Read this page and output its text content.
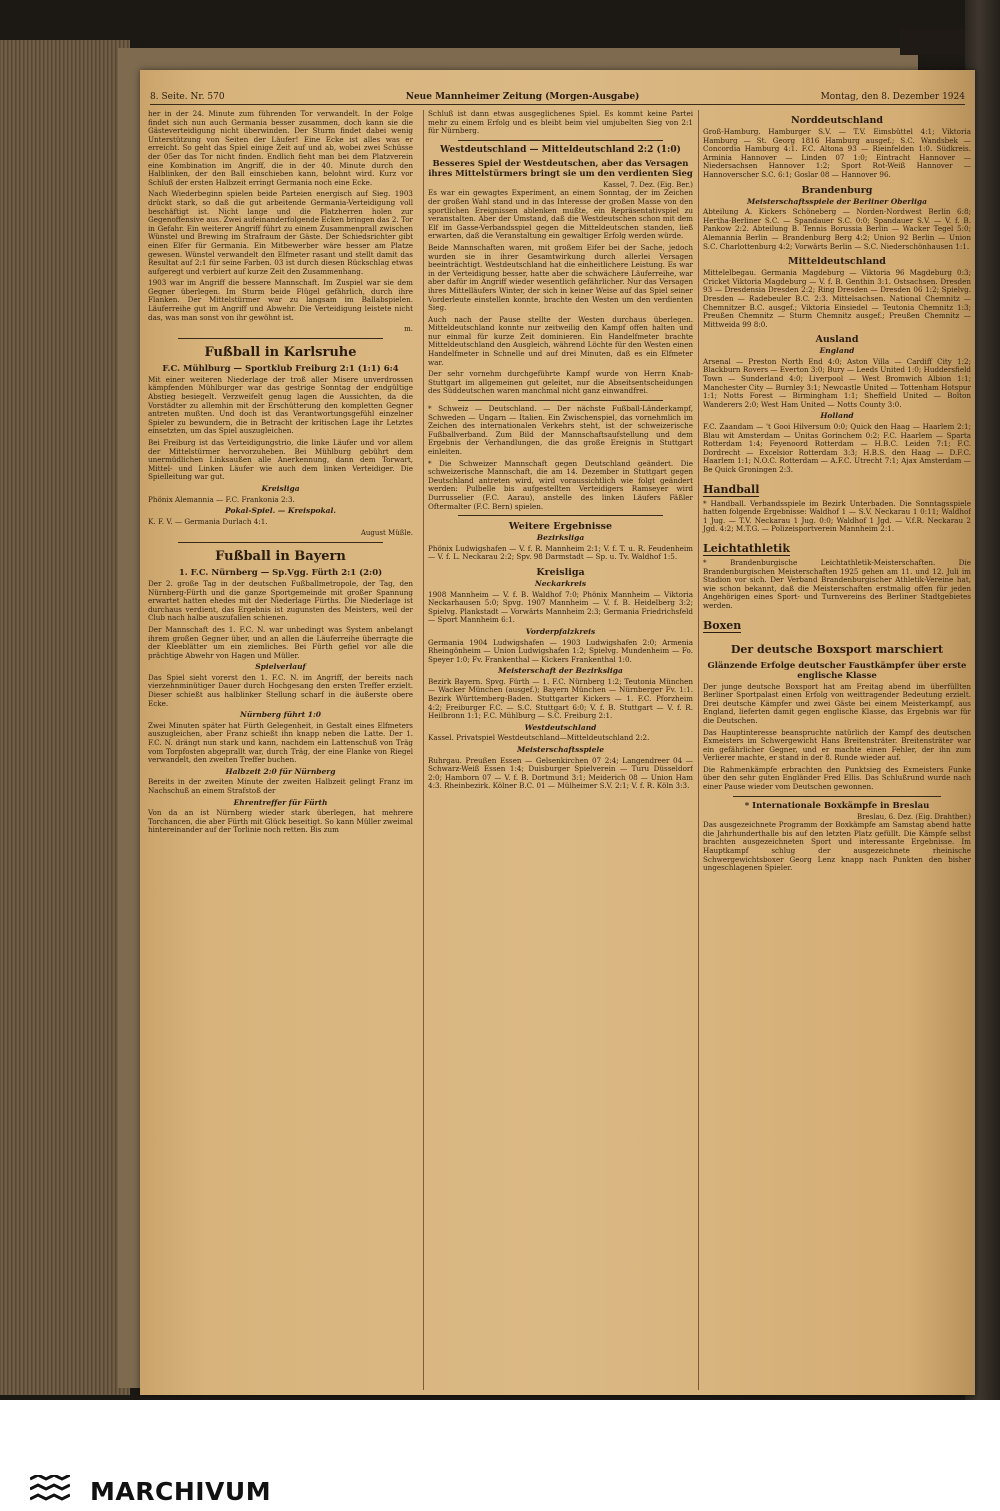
8. Seite. Nr. 570	Neue Mannheimer Zeitung (Morgen-Ausgabe)	Montag, den 8. Dezember 1924

her in der 24. Minute zum führenden Tor verwandelt. In der Folge findet sich nun auch Germania besser zusammen, doch kann sie die Gästeverteidigung nicht überwinden. Der Sturm findet dabei wenig Unterstützung von Seiten der Läufer! Eine Ecke ist alles was er erreicht. So geht das Spiel einige Zeit auf und ab, wobei zwei Schüsse der 05er das Tor nicht finden. Endlich fieht man bei dem Platzverein eine Kombination im Angriff, die in der 40. Minute durch den Halblinken, der den Ball einschieben kann, belohnt wird. Kurz vor Schluß der ersten Halbzeit erringt Germania noch eine Ecke.

Nach Wiederbeginn spielen beide Parteien energisch auf Sieg. 1903 drückt stark, so daß die gut arbeitende Germania-Verteidigung voll beschäftigt ist. Nicht lange und die Platzherren holen zur Gegenoffensive aus. Zwei aufeinanderfolgende Ecken bringen das 2. Tor in Gefahr. Ein weiterer Angriff führt zu einem Zusammenprall zwischen Wünstel und Brewing im Strafraum der Gäste. Der Schiedsrichter gibt einen Elfer für Germania. Ein Mitbewerber wäre besser am Platze gewesen. Wünstel verwandelt den Elfmeter rasant und stellt damit das Resultat auf 2:1 für seine Farben. 03 ist durch diesen Rückschlag etwas aufgeregt und verbiert auf kurze Zeit den Zusammenhang.

1903 war im Angriff die bessere Mannschaft. Im Zuspiel war sie dem Gegner überlegen. Im Sturm beide Flügel gefährlich, durch ihre Flanken. Der Mittelstürmer war zu langsam im Ballabspielen. Läuferreihe gut im Angriff und Abwehr. Die Verteidigung leistete nicht das, was man sonst von ihr gewöhnt ist.

m.
Fußball in Karlsruhe
F.C. Mühlburg — Sportklub Freiburg 2:1 (1:1) 6:4

Mit einer weiteren Niederlage der troß aller Misere unverdrossen kämpfenden Mühlburger war das gestrige Sonntag der endgültige Abstieg besiegelt. Verzweifelt genug lagen die Aussichten, da die Vorstädter zu allemhin mit der Erschütterung den kompletten Gegner antreten mußten. Und doch ist das Verantwortungsgefühl einzelner Spieler zu bewundern, die in Betracht der kritischen Lage ihr Letztes einsetzten, um das Spiel auszugleichen.

Bei Freiburg ist das Verteidigungstrio, die linke Läufer und vor allem der Mittelstürmer hervorzuheben. Bei Mühlburg gebührt dem unermüdlichen Linksaußen alle Anerkennung, dann dem Torwart, Mittel- und Linken Läufer wie auch dem linken Verteidiger. Die Spielleitung war gut.

Kreisliga

Phönix Alemannia — F.C. Frankonia 2:3.

Pokal-Spiel. — Kreispokal.

K. F. V. — Germania Durlach 4:1.

August Müßle.
Fußball in Bayern
1. F.C. Nürnberg — Sp.Vgg. Fürth 2:1 (2:0)

Der 2. große Tag in der deutschen Fußballmetropole, der Tag, den Nürnberg-Fürth und die ganze Sportgemeinde mit großer Spannung erwartet hatten ehedes mit der Niederlage Fürths. Die Niederlage ist durchaus verdient, das Ergebnis ist zugunsten des Meisters, weil der Club nach halbe auszufallen schienen.

Der Mannschaft des 1. F.C. N. war unbedingt was System anbelangt ihrem großen Gegner über, und an allen die Läuferreihe überragte die der Kleeblätter um ein ziemliches. Bei Fürth gefiel vor alle die prächtige Abwehr von Hagen und Müller.

Spielverlauf

Das Spiel sieht vorerst den 1. F.C. N. im Angriff, der bereits nach vierzehnminütiger Dauer durch Hochgesang den ersten Treffer erzielt. Dieser schießt aus halblinker Stellung scharf in die äußerste obere Ecke.

Nürnberg führt 1:0

Zwei Minuten später hat Fürth Gelegenheit, in Gestalt eines Elfmeters auszugleichen, aber Franz schießt ihn knapp neben die Latte. Der 1. F.C. N. drängt nun stark und kann, nachdem ein Lattenschuß von Träg vom Torpfosten abgeprallt war, durch Träg, der eine Flanke von Riegel verwandelt, den zweiten Treffer buchen.

Halbzeit 2:0 für Nürnberg

Bereits in der zweiten Minute der zweiten Halbzeit gelingt Franz im Nachschuß an einem Strafstoß der

Ehrentreffer für Fürth

Von da an ist Nürnberg wieder stark überlegen, hat mehrere Torchancen, die aber Fürth mit Glück beseitigt. So kann Müller zweimal hintereinander auf der Torlinie noch retten. Bis zum

Schluß ist dann etwas ausgeglichenes Spiel. Es kommt keine Partei mehr zu einem Erfolg und es bleibt beim viel umjubelten Sieg von 2:1 für Nürnberg.

Westdeutschland — Mitteldeutschland 2:2 (1:0)
Besseres Spiel der Westdeutschen, aber das Versagen ihres Mittelstürmers bringt sie um den verdienten Sieg
Kassel, 7. Dez. (Eig. Ber.)

Es war ein gewagtes Experiment, an einem Sonntag, der im Zeichen der großen Wahl stand und in das Interesse der großen Masse von den sportlichen Ereignissen ablenken mußte, ein Repräsentativspiel zu veranstalten. Aber der Umstand, daß die Westdeutschen schon mit dem Elf im Gasse-Verbandsspiel gegen die Mitteldeutschen standen, ließ erwarten, daß die Veranstaltung ein gewaltiger Erfolg werden würde.

Beide Mannschaften waren, mit großem Eifer bei der Sache, jedoch wurden sie in ihrer Gesamtwirkung durch allerlei Versagen beeinträchtigt. Westdeutschland hat die einheitlichere Leistung. Es war in der Verteidigung besser, hatte aber die schwächere Läuferreihe, war aber dafür im Angriff wieder wesentlich gefährlicher. Nur das Versagen ihres Mittelläufers Winter, der sich in keiner Weise auf das Spiel seiner Vorderleute einstellen konnte, brachte den Westen um den verdienten Sieg.

Auch nach der Pause stellte der Westen durchaus überlegen. Mitteldeutschland konnte nur zeitweilig den Kampf offen halten und nur einmal für kurze Zeit dominieren. Ein Handelfmeter brachte Mitteldeutschland den Ausgleich, während Löchte für den Westen einen Handelfmeter in Schnelle und auf drei Minuten, daß es ein Elfmeter war.

Der sehr vornehm durchgeführte Kampf wurde von Herrn Knab-Stuttgart im allgemeinen gut geleitet, nur die Abseitsentscheidungen des Süddeutschen waren manchmal nicht ganz einwandfrei.

* Schweiz — Deutschland. — Der nächste Fußball-Länderkampf, Schweden — Ungarn — Italien. Ein Zwischenspiel, das vornehmlich im Zeichen des internationalen Verkehrs steht, ist der schweizerische Fußballverband. Zum Bild der Mannschaftsaufstellung und dem Ergebnis der Verhandlungen, die das große Ereignis in Stuttgart einleiten.

* Die Schweizer Mannschaft gegen Deutschland geändert. Die schweizerische Mannschaft, die am 14. Dezember in Stuttgart gegen Deutschland antreten wird, wird voraussichtlich wie folgt geändert werden: Pulbelle bis aufgestellten Verteidigers Ramseyer wird Durrusselier (F.C. Aarau), anstelle des linken Läufers Fäßler Oftermalter (F.C. Bern) spielen.

Weitere Ergebnisse
Bezirksliga

Phönix Ludwigshafen — V. f. R. Mannheim 2:1; V. f. T. u. R. Feudenheim — V. f. L. Neckarau 2:2; Spv. 98 Darmstadt — Sp. u. Tv. Waldhof 1:5.

Kreisliga
Neckarkreis

1908 Mannheim — V. f. B. Waldhof 7:0; Phönix Mannheim — Viktoria Neckarhausen 5:0; Spvg. 1907 Mannheim — V. f. B. Heidelberg 3:2; Spielvg. Plankstadt — Vorwärts Mannheim 2:3; Germania Friedrichsfeld — Sport Mannheim 6:1.

Vorderpfalzkreis

Germania 1904 Ludwigshafen — 1903 Ludwigshafen 2:0; Armenia Rheingönheim — Union Ludwigshafen 1:2; Spielvg. Mundenheim — Fo. Speyer 1:0; Fv. Frankenthal — Kickers Frankenthal 1:0.

Meisterschaft der Bezirksliga

Bezirk Bayern. Spvg. Fürth — 1. F.C. Nürnberg 1:2; Teutonia München — Wacker München (ausgef.); Bayern München — Nürnberger Fv. 1:1. Bezirk Württemberg-Baden. Stuttgarter Kickers — 1. F.C. Pforzheim 4:2; Freiburger F.C. — S.C. Stuttgart 6:0; V. f. B. Stuttgart — V. f. R. Heilbronn 1:1; F.C. Mühlburg — S.C. Freiburg 2:1.

Westdeutschland

Kassel. Privatspiel Westdeutschland—Mitteldeutschland 2:2.

Meisterschaftsspiele

Ruhrgau. Preußen Essen — Gelsenkirchen 07 2:4; Langendreer 04 — Schwarz-Weiß Essen 1:4; Duisburger Spielverein — Turu Düsseldorf 2:0; Hamborn 07 — V. f. B. Dortmund 3:1; Meiderich 08 — Union Ham 4:3. Rheinbezirk. Kölner B.C. 01 — Mülheimer S.V. 2:1; V. f. R. Köln 3:3.

Norddeutschland

Groß-Hamburg. Hamburger S.V. — T.V. Eimsbüttel 4:1; Viktoria Hamburg — St. Georg 1816 Hamburg ausgef.; S.C. Wandsbek — Concordia Hamburg 4:1. F.C. Altona 93 — Rieinfelden 1:0. Südkreis. Arminia Hannover — Linden 07 1:0; Eintracht Hannover — Niedersachsen Hannover 1:2; Sport Rot-Weiß Hannover — Hannoverscher S.C. 6:1; Goslar 08 — Hannover 96.

Brandenburg
Meisterschaftsspiele der Berliner Oberliga

Abteilung A. Kickers Schöneberg — Norden-Nordwest Berlin 6:8; Hertha-Berliner S.C. — Spandauer S.C. 0:0; Spandauer S.V. — V. f. B. Pankow 2:2. Abteilung B. Tennis Borussia Berlin — Wacker Tegel 5:0; Alemannia Berlin — Brandenburg Berg 4:2; Union 92 Berlin — Union S.C. Charlottenburg 4:2; Vorwärts Berlin — S.C. Niederschönhausen 1:1.

Mitteldeutschland

Mittelelbegau. Germania Magdeburg — Viktoria 96 Magdeburg 0:3; Cricket Viktoria Magdeburg — V. f. B. Genthin 3:1. Ostsachsen. Dresden 93 — Dresdensia Dresden 2:2; Ring Dresden — Dresden 06 1:2; Spielvg. Dresden — Radebeuler B.C. 2:3. Mittelsachsen. National Chemnitz — Chemnitzer B.C. ausgef.; Viktoria Einsiedel — Teutonia Chemnitz 1:3; Preußen Chemnitz — Sturm Chemnitz ausgef.; Preußen Chemnitz — Mittweida 99 8:0.

Ausland
England

Arsenal — Preston North End 4:0; Aston Villa — Cardiff City 1:2; Blackburn Rovers — Everton 3:0; Bury — Leeds United 1:0; Huddersfield Town — Sunderland 4:0; Liverpool — West Bromwich Albion 1:1; Manchester City — Burnley 3:1; Newcastle United — Tottenham Hotspur 1:1; Notts Forest — Birmingham 1:1; Sheffield United — Bolton Wanderers 2:0; West Ham United — Notts County 3:0.

Holland

F.C. Zaandam — 't Gooi Hilversum 0:0; Quick den Haag — Haarlem 2:1; Blau wit Amsterdam — Unitas Gorinchem 0:2; F.C. Haarlem — Sparta Rotterdam 1:4; Feyenoord Rotterdam — H.B.C. Leiden 7:1; F.C. Dordrecht — Excelsior Rotterdam 3:3; H.B.S. den Haag — D.F.C. Haarlem 1:1; N.O.C. Rotterdam — A.F.C. Utrecht 7:1; Ajax Amsterdam — Be Quick Groningen 2:3.

Handball

* Handball. Verbandsspiele im Bezirk Unterbaden. Die Sonntagsspiele hatten folgende Ergebnisse: Waldhof 1 — S.V. Neckarau 1 0:11; Waldhof 1 Jug. — T.V. Neckarau 1 Jug. 0:0; Waldhof 1 Jgd. — V.f.R. Neckarau 2 Jgd. 4:2; M.T.G. — Polizeisportverein Mannheim 2:1.

Leichtathletik

* Brandenburgische Leichtathletik-Meisterschaften. Die Brandenburgischen Meisterschaften 1925 gehen am 11. und 12. Juli im Stadion vor sich. Der Verband Brandenburgischer Athletik-Vereine hat, wie schon bekannt, daß die Meisterschaften erstmalig offen für jeden Angehörigen eines Sport- und Turnvereins des Berliner Stadtgebietes werden.

Boxen
Der deutsche Boxsport marschiert
Glänzende Erfolge deutscher Faustkämpfer über erste englische Klasse

Der junge deutsche Boxsport hat am Freitag abend im überfüllten Berliner Sportpalast einen Erfolg von weittragender Bedeutung erzielt. Drei deutsche Kämpfer und zwei Gäste bei einem Meisterkampf, aus England, lieferten damit gegen englische Klasse, das Ergebnis war für die Deutschen.

Das Hauptinteresse beanspruchte natürlich der Kampf des deutschen Exmeisters im Schwergewicht Hans Breitensträter. Breitensträter war ein gefährlicher Gegner, und er machte einen Fehler, der ihn zum Verlierer machte, er stand in der 8. Runde wieder auf.

Die Rahmenkämpfe erbrachten den Punktsieg des Exmeisters Funke über den sehr guten Engländer Fred Ellis. Das Schlußrund wurde nach einer Pause wieder vom Deutschen gewonnen.

* Internationale Boxkämpfe in Breslau
Breslau, 6. Dez. (Eig. Drahtber.)

Das ausgezeichnete Programm der Boxkämpfe am Samstag abend hatte die Jahrhunderthalle bis auf den letzten Platz gefüllt. Die Kämpfe selbst brachten ausgezeichneten Sport und interessante Ergebnisse. Im Hauptkampf schlug der ausgezeichnete rheinische Schwergewichtsboxer Georg Lenz knapp nach Punkten den bisher ungeschlagenen Spieler.

MARCHIVUM
